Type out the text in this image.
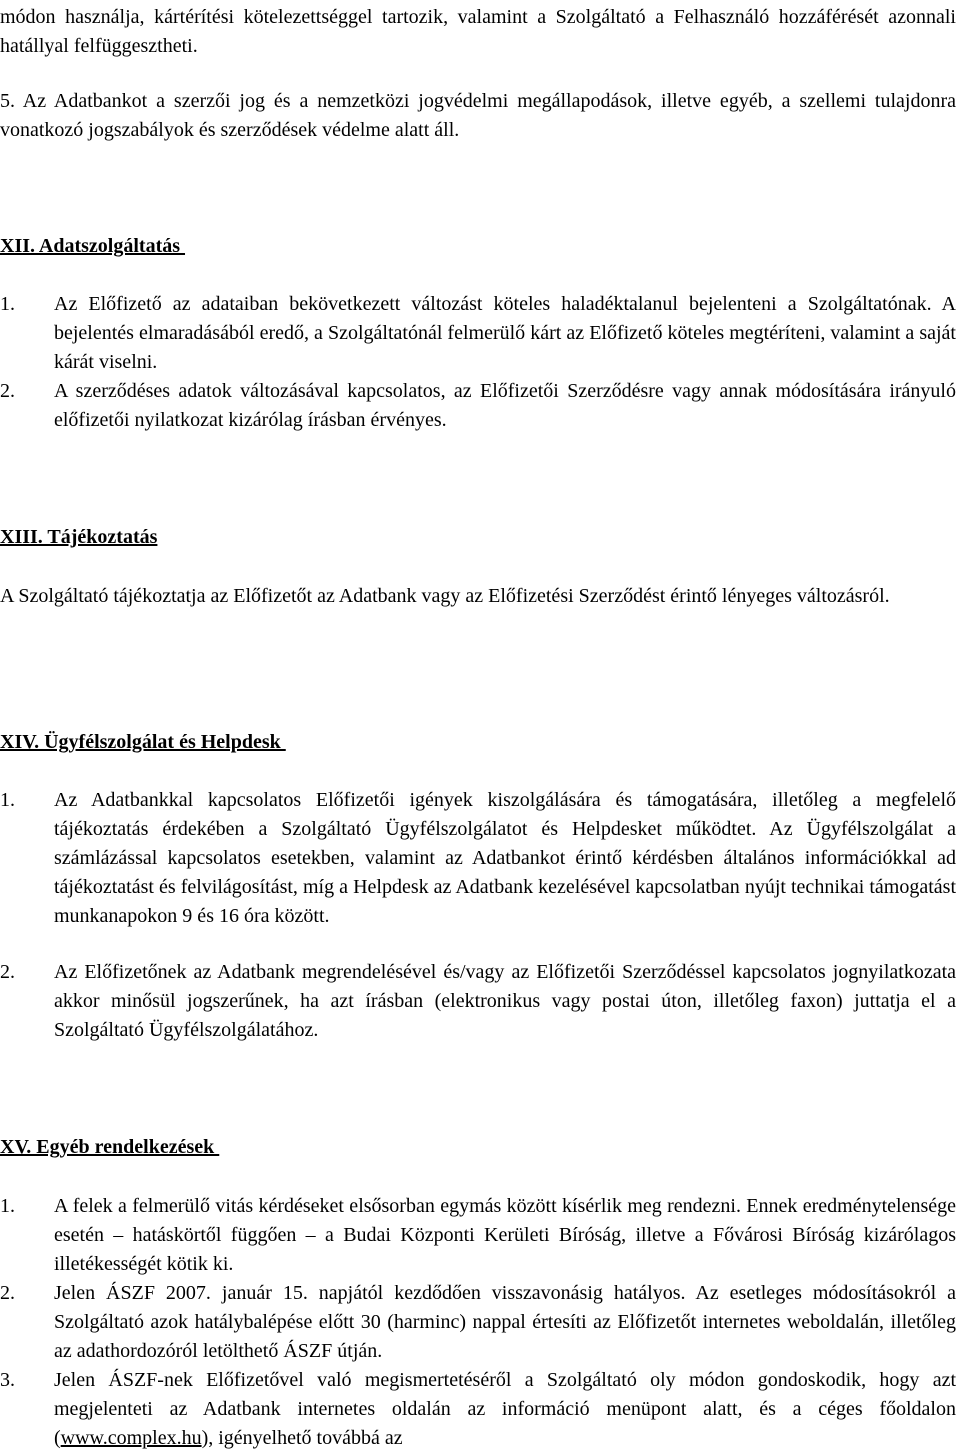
módon használja, kártérítési kötelezettséggel tartozik, valamint a Szolgáltató a Felhasználó hozzáférését azonnali hatállyal felfüggesztheti.

5. Az Adatbankot a szerzői jog és a nemzetközi jogvédelmi megállapodások, illetve egyéb, a szellemi tulajdonra vonatkozó jogszabályok és szerződések védelme alatt áll.

XII. Adatszolgáltatás

1. Az Előfizető az adataiban bekövetkezett változást köteles haladéktalanul bejelenteni a Szolgáltatónak. A bejelentés elmaradásából eredő, a Szolgáltatónál felmerülő kárt az Előfizető köteles megtéríteni, valamint a saját kárát viselni.

2. A szerződéses adatok változásával kapcsolatos, az Előfizetői Szerződésre vagy annak módosítására irányuló előfizetői nyilatkozat kizárólag írásban érvényes.

XIII. Tájékoztatás

A Szolgáltató tájékoztatja az Előfizetőt az Adatbank vagy az Előfizetési Szerződést érintő lényeges változásról.

XIV. Ügyfélszolgálat és Helpdesk

1. Az Adatbankkal kapcsolatos Előfizetői igények kiszolgálására és támogatására, illetőleg a megfelelő tájékoztatás érdekében a Szolgáltató Ügyfélszolgálatot és Helpdesket működtet. Az Ügyfélszolgálat a számlázással kapcsolatos esetekben, valamint az Adatbankot érintő kérdésben általános információkkal ad tájékoztatást és felvilágosítást, míg a Helpdesk az Adatbank kezelésével kapcsolatban nyújt technikai támogatást munkanapokon 9 és 16 óra között.

2. Az Előfizetőnek az Adatbank megrendelésével és/vagy az Előfizetői Szerződéssel kapcsolatos jognyilatkozata akkor minősül jogszerűnek, ha azt írásban (elektronikus vagy postai úton, illetőleg faxon) juttatja el a Szolgáltató Ügyfélszolgálatához.

XV. Egyéb rendelkezések

1. A felek a felmerülő vitás kérdéseket elsősorban egymás között kísérlik meg rendezni. Ennek eredménytelensége esetén – hatáskörtől függően – a Budai Központi Kerületi Bíróság, illetve a Fővárosi Bíróság kizárólagos illetékességét kötik ki.

2. Jelen ÁSZF 2007. január 15. napjától kezdődően visszavonásig hatályos. Az esetleges módosításokról a Szolgáltató azok hatálybalépése előtt 30 (harminc) nappal értesíti az Előfizetőt internetes weboldalán, illetőleg az adathordozóról letölthető ÁSZF útján.

3. Jelen ÁSZF-nek Előfizetővel való megismertetéséről a Szolgáltató oly módon gondoskodik, hogy azt megjelenteti az Adatbank internetes oldalán az információ menüpont alatt, és a céges főoldalon (www.complex.hu), igényelhető továbbá az
